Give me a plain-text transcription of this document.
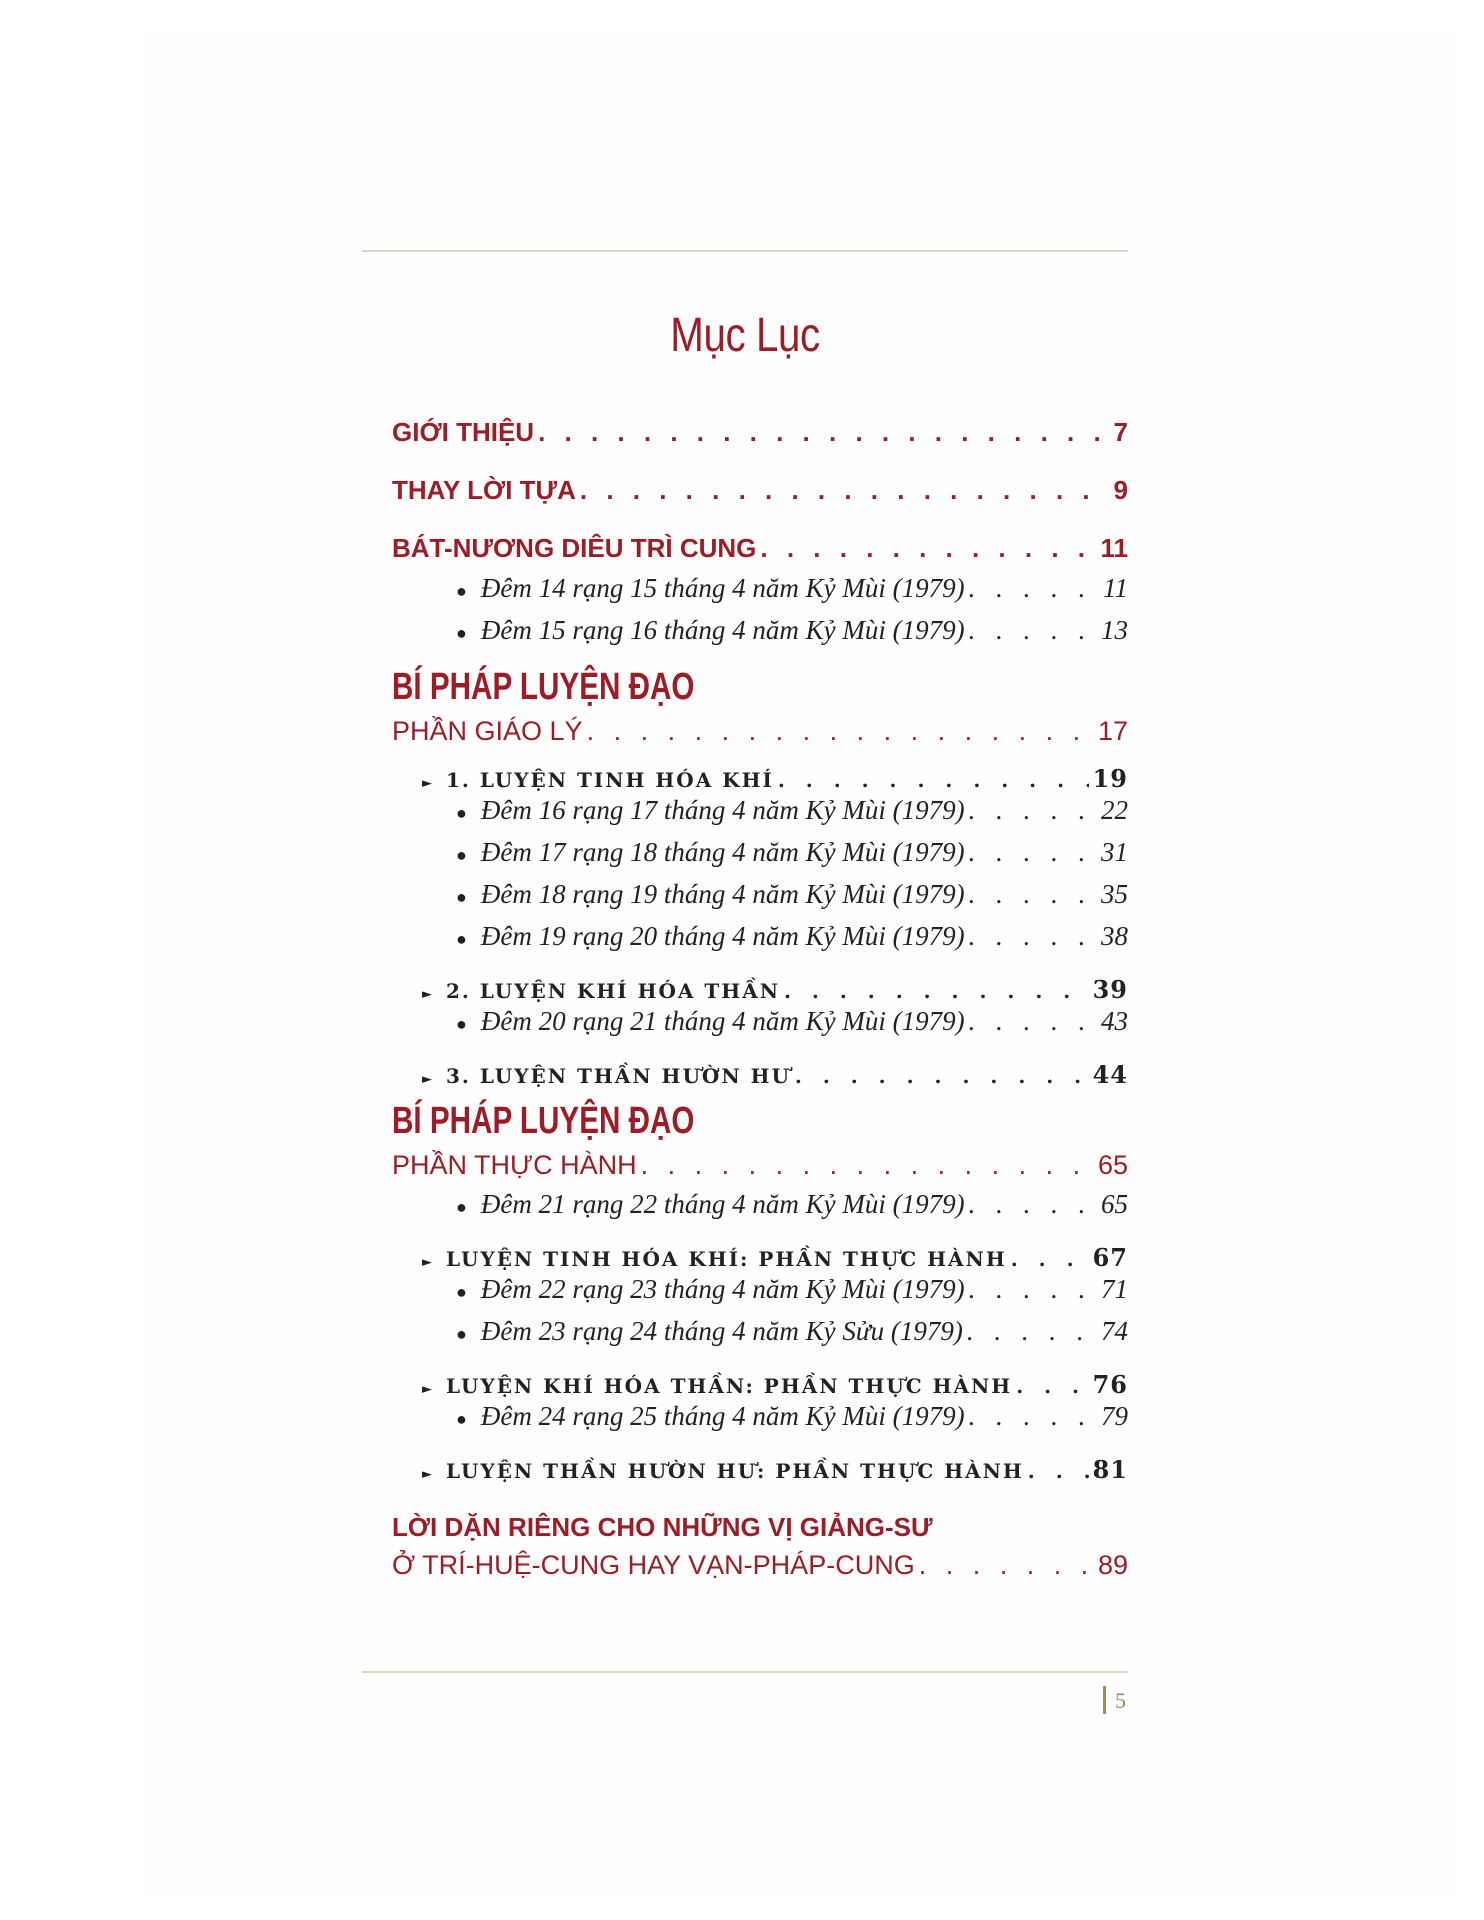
Mục Lục
GIỚI THIỆU . . .	7
THAY LỜI TỰA . . .	9
BÁT-NƯƠNG DIÊU TRÌ CUNG . . .	11
● Đêm 14 rạng 15 tháng 4 năm Kỷ Mùi (1979) . . .	11
● Đêm 15 rạng 16 tháng 4 năm Kỷ Mùi (1979) . . .	13
BÍ PHÁP LUYỆN ĐẠO
PHẦN GIÁO LÝ . . .	17
► 1. LUYỆN TINH HÓA KHÍ . . .	19
● Đêm 16 rạng 17 tháng 4 năm Kỷ Mùi (1979) . . .	22
● Đêm 17 rạng 18 tháng 4 năm Kỷ Mùi (1979) . . .	31
● Đêm 18 rạng 19 tháng 4 năm Kỷ Mùi (1979) . . .	35
● Đêm 19 rạng 20 tháng 4 năm Kỷ Mùi (1979) . . .	38
► 2. LUYỆN KHÍ HÓA THẦN . . .	39
● Đêm 20 rạng 21 tháng 4 năm Kỷ Mùi (1979) . . .	43
► 3. LUYỆN THẦN HƯỜN HƯ . . .	44
BÍ PHÁP LUYỆN ĐẠO
PHẦN THỰC HÀNH . . .	65
● Đêm 21 rạng 22 tháng 4 năm Kỷ Mùi (1979) . . .	65
► LUYỆN TINH HÓA KHÍ: PHẦN THỰC HÀNH . . .	67
● Đêm 22 rạng 23 tháng 4 năm Kỷ Mùi (1979) . . .	71
● Đêm 23 rạng 24 tháng 4 năm Kỷ Sửu (1979) . . .	74
► LUYỆN KHÍ HÓA THẦN: PHẦN THỰC HÀNH . . .	76
● Đêm 24 rạng 25 tháng 4 năm Kỷ Mùi (1979) . . .	79
► LUYỆN THẦN HƯỜN HƯ: PHẦN THỰC HÀNH . . .	81
LỜI DẶN RIÊNG CHO NHỮNG VỊ GIẢNG-SƯ
Ở TRÍ-HUỆ-CUNG HAY VẠN-PHÁP-CUNG . . .	89
5
